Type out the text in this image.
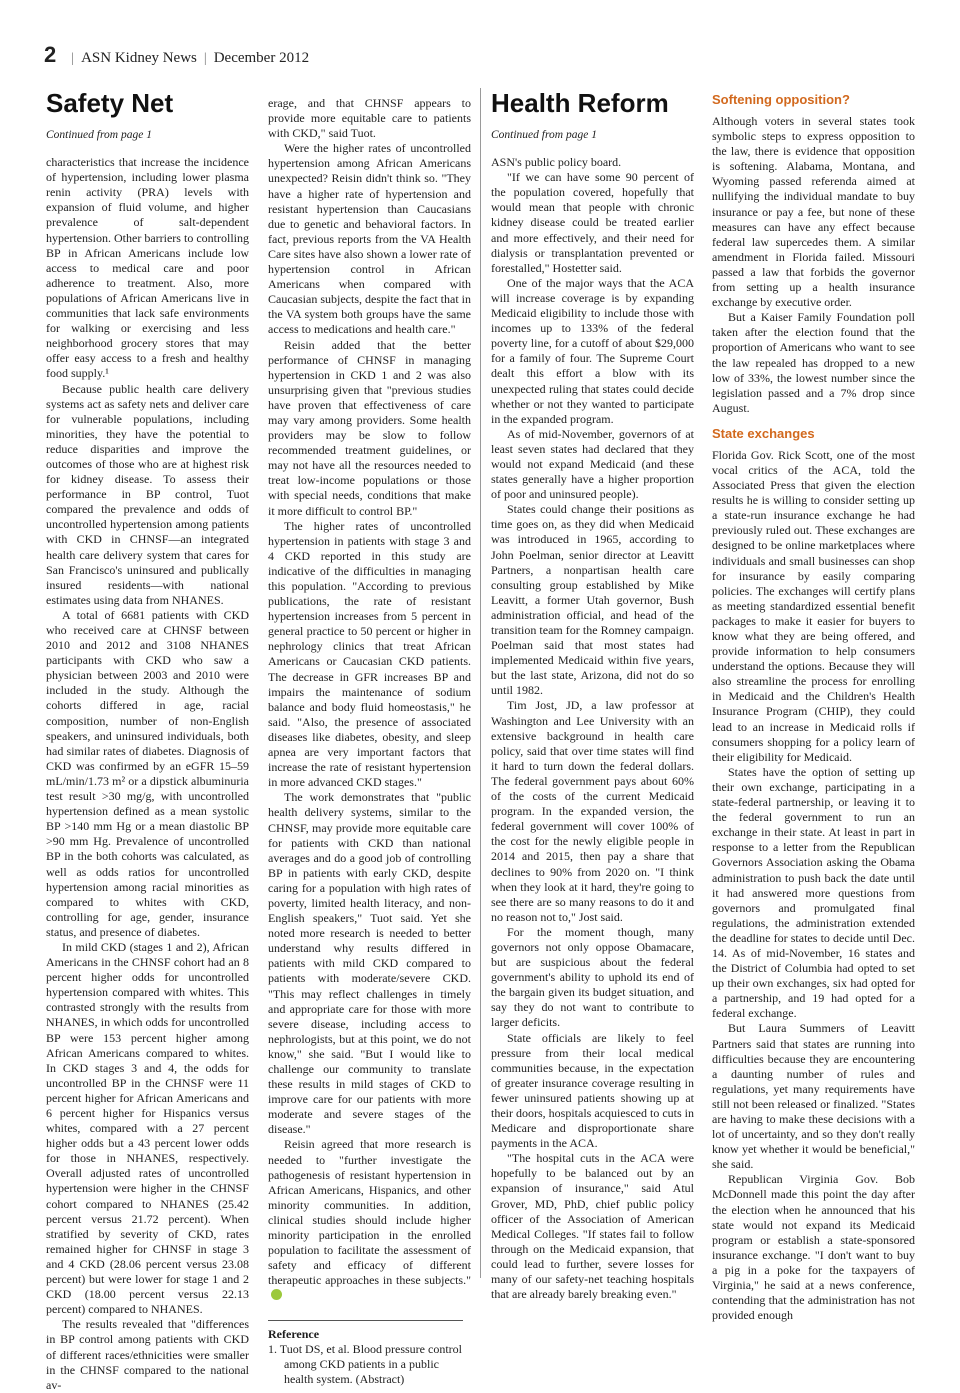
2 | ASN Kidney News | December 2012
Safety Net
Continued from page 1

characteristics that increase the incidence of hypertension, including lower plasma renin activity (PRA) levels with expansion of fluid volume, and higher prevalence of salt-dependent hypertension. Other barriers to controlling BP in African Americans include low access to medical care and poor adherence to treatment. Also, more populations of African Americans live in communities that lack safe environments for walking or exercising and less neighborhood grocery stores that may offer easy access to a fresh and healthy food supply.¹

Because public health care delivery systems act as safety nets and deliver care for vulnerable populations, including minorities, they have the potential to reduce disparities and improve the outcomes of those who are at highest risk for kidney disease. To assess their performance in BP control, Tuot compared the prevalence and odds of uncontrolled hypertension among patients with CKD in CHNSF—an integrated health care delivery system that cares for San Francisco's uninsured and publically insured residents—with national estimates using data from NHANES.

A total of 6681 patients with CKD who received care at CHNSF between 2010 and 2012 and 3108 NHANES participants with CKD who saw a physician between 2003 and 2010 were included in the study. Although the cohorts differed in age, racial composition, number of non-English speakers, and uninsured individuals, both had similar rates of diabetes. Diagnosis of CKD was confirmed by an eGFR 15–59 mL/min/1.73 m² or a dipstick albuminuria test result >30 mg/g, with uncontrolled hypertension defined as a mean systolic BP >140 mm Hg or a mean diastolic BP >90 mm Hg. Prevalence of uncontrolled BP in the both cohorts was calculated, as well as odds ratios for uncontrolled hypertension among racial minorities as compared to whites with CKD, controlling for age, gender, insurance status, and presence of diabetes.

In mild CKD (stages 1 and 2), African Americans in the CHNSF cohort had an 8 percent higher odds for uncontrolled hypertension compared with whites. This contrasted strongly with the results from NHANES, in which odds for uncontrolled BP were 153 percent higher among African Americans compared to whites. In CKD stages 3 and 4, the odds for uncontrolled BP in the CHNSF were 11 percent higher for African Americans and 6 percent higher for Hispanics versus whites, compared with a 27 percent higher odds but a 43 percent lower odds for those in NHANES, respectively. Overall adjusted rates of uncontrolled hypertension were higher in the CHNSF cohort compared to NHANES (25.42 percent versus 21.72 percent). When stratified by severity of CKD, rates remained higher for CHNSF in stage 3 and 4 CKD (28.06 percent versus 23.08 percent) but were lower for stage 1 and 2 CKD (18.00 percent versus 22.13 percent) compared to NHANES.

The results revealed that "differences in BP control among patients with CKD of different races/ethnicities were smaller in the CHNSF compared to the national av-

erage, and that CHNSF appears to provide more equitable care to patients with CKD," said Tuot.

Were the higher rates of uncontrolled hypertension among African Americans unexpected? Reisin didn't think so. "They have a higher rate of hypertension and resistant hypertension than Caucasians due to genetic and behavioral factors. In fact, previous reports from the VA Health Care sites have also shown a lower rate of hypertension control in African Americans when compared with Caucasian subjects, despite the fact that in the VA system both groups have the same access to medications and health care."

Reisin added that the better performance of CHNSF in managing hypertension in CKD 1 and 2 was also unsurprising given that "previous studies have proven that effectiveness of care may vary among providers. Some health providers may be slow to follow recommended treatment guidelines, or may not have all the resources needed to treat low-income populations or those with special needs, conditions that make it more difficult to control BP."

The higher rates of uncontrolled hypertension in patients with stage 3 and 4 CKD reported in this study are indicative of the difficulties in managing this population. "According to previous publications, the rate of resistant hypertension increases from 5 percent in general practice to 50 percent or higher in nephrology clinics that treat African Americans or Caucasian CKD patients. The decrease in GFR increases BP and impairs the maintenance of sodium balance and body fluid homeostasis," he said. "Also, the presence of associated diseases like diabetes, obesity, and sleep apnea are very important factors that increase the rate of resistant hypertension in more advanced CKD stages."

The work demonstrates that "public health delivery systems, similar to the CHNSF, may provide more equitable care for patients with CKD than national averages and do a good job of controlling BP in patients with early CKD, despite caring for a population with high rates of poverty, limited health literacy, and non-English speakers," Tuot said. Yet she noted more research is needed to better understand why results differed in patients with mild CKD compared to patients with moderate/severe CKD. "This may reflect challenges in timely and appropriate care for those with more severe disease, including access to nephrologists, but at this point, we do not know," she said. "But I would like to challenge our community to translate these results in mild stages of CKD to improve care for our patients with more moderate and severe stages of the disease."

Reisin agreed that more research is needed to "further investigate the pathogenesis of resistant hypertension in African Americans, Hispanics, and other minority communities. In addition, clinical studies should include higher minority participation in the enrolled population to facilitate the assessment of safety and efficacy of different therapeutic approaches in these subjects."

Reference

1. Tuot DS, et al. Blood pressure control among CKD patients in a public health system. (Abstract)
Health Reform
Continued from page 1

ASN's public policy board.

"If we can have some 90 percent of the population covered, hopefully that would mean that people with chronic kidney disease could be treated earlier and more effectively, and their need for dialysis or transplantation prevented or forestalled," Hostetter said.

One of the major ways that the ACA will increase coverage is by expanding Medicaid eligibility to include those with incomes up to 133% of the federal poverty line, for a cutoff of about $29,000 for a family of four. The Supreme Court dealt this effort a blow with its unexpected ruling that states could decide whether or not they wanted to participate in the expanded program.

As of mid-November, governors of at least seven states had declared that they would not expand Medicaid (and these states generally have a higher proportion of poor and uninsured people).

States could change their positions as time goes on, as they did when Medicaid was introduced in 1965, according to John Poelman, senior director at Leavitt Partners, a nonpartisan health care consulting group established by Mike Leavitt, a former Utah governor, Bush administration official, and head of the transition team for the Romney campaign. Poelman said that most states had implemented Medicaid within five years, but the last state, Arizona, did not do so until 1982.

Tim Jost, JD, a law professor at Washington and Lee University with an extensive background in health care policy, said that over time states will find it hard to turn down the federal dollars. The federal government pays about 60% of the costs of the current Medicaid program. In the expanded version, the federal government will cover 100% of the cost for the newly eligible people in 2014 and 2015, then pay a share that declines to 90% from 2020 on. "I think when they look at it hard, they're going to see there are so many reasons to do it and no reason not to," Jost said.

For the moment though, many governors not only oppose Obamacare, but are suspicious about the federal government's ability to uphold its end of the bargain given its budget situation, and say they do not want to contribute to larger deficits.

State officials are likely to feel pressure from their local medical communities because, in the expectation of greater insurance coverage resulting in fewer uninsured patients showing up at their doors, hospitals acquiesced to cuts in Medicare and disproportionate share payments in the ACA.

"The hospital cuts in the ACA were hopefully to be balanced out by an expansion of insurance," said Atul Grover, MD, PhD, chief public policy officer of the Association of American Medical Colleges. "If states fail to follow through on the Medicaid expansion, that could lead to further, severe losses for many of our safety-net teaching hospitals that are already barely breaking even."

Softening opposition?

Although voters in several states took symbolic steps to express opposition to the law, there is evidence that opposition is softening. Alabama, Montana, and Wyoming passed referenda aimed at nullifying the individual mandate to buy insurance or pay a fee, but none of these measures can have any effect because federal law supercedes them. A similar amendment in Florida failed. Missouri passed a law that forbids the governor from setting up a health insurance exchange by executive order.

But a Kaiser Family Foundation poll taken after the election found that the proportion of Americans who want to see the law repealed has dropped to a new low of 33%, the lowest number since the legislation passed and a 7% drop since August.

State exchanges

Florida Gov. Rick Scott, one of the most vocal critics of the ACA, told the Associated Press that given the election results he is willing to consider setting up a state-run insurance exchange he had previously ruled out. These exchanges are designed to be online marketplaces where individuals and small businesses can shop for insurance by easily comparing policies. The exchanges will certify plans as meeting standardized essential benefit packages to make it easier for buyers to know what they are being offered, and provide information to help consumers understand the options. Because they will also streamline the process for enrolling in Medicaid and the Children's Health Insurance Program (CHIP), they could lead to an increase in Medicaid rolls if consumers shopping for a policy learn of their eligibility for Medicaid.

States have the option of setting up their own exchange, participating in a state-federal partnership, or leaving it to the federal government to run an exchange in their state. At least in part in response to a letter from the Republican Governors Association asking the Obama administration to push back the date until it had answered more questions from governors and promulgated final regulations, the administration extended the deadline for states to decide until Dec. 14. As of mid-November, 16 states and the District of Columbia had opted to set up their own exchanges, six had opted for a partnership, and 19 had opted for a federal exchange.

But Laura Summers of Leavitt Partners said that states are running into difficulties because they are encountering a daunting number of rules and regulations, yet many requirements have still not been released or finalized. "States are having to make these decisions with a lot of uncertainty, and so they don't really know yet whether it would be beneficial," she said.

Republican Virginia Gov. Bob McDonnell made this point the day after the election when he announced that his state would not expand its Medicaid program or establish a state-sponsored insurance exchange. "I don't want to buy a pig in a poke for the taxpayers of Virginia," he said at a news conference, contending that the administration has not provided enough
